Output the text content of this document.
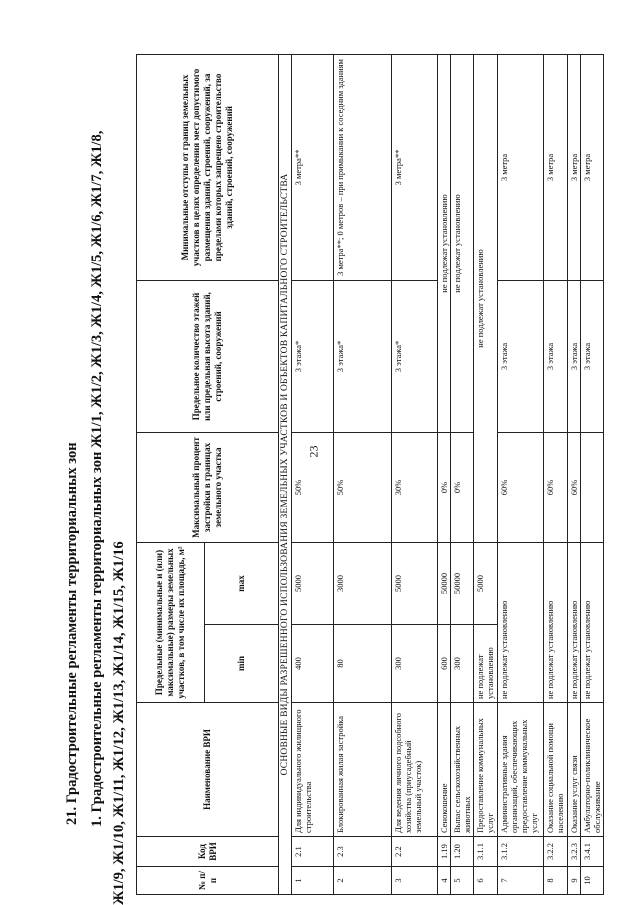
23
21. Градостроительные регламенты территориальных зон 1. Градостроительные регламенты территориальных зон Ж1/1, Ж1/2, Ж1/3, Ж1/4, Ж1/5, Ж1/6, Ж1/7, Ж1/8, Ж1/9, Ж1/10, Ж1/11, Ж1/12, Ж1/13, Ж1/14, Ж1/15, Ж1/16	№ п/п	Код ВРИ	Наименование ВРИ	Предельные (минимальные и (или) максимальные) размеры земельных участков, в том числе их площадь, м²		Максимальный процент застройки в границах земельного участка	Предельное количество этажей или предельная высота зданий, строений, сооружений	Минимальные отступы от границ земельных участков в целях определения мест допустимого размещения зданий, строений, сооружений, за пределами которых запрещено строительство зданий, строений, сооружений
			min	max			
ОСНОВНЫЕ ВИДЫ РАЗРЕШЕННОГО ИСПОЛЬЗОВАНИЯ ЗЕМЕЛЬНЫХ УЧАСТКОВ И ОБЪЕКТОВ КАПИТАЛЬНОГО СТРОИТЕЛЬСТВА							
1	2.1	Для индивидуального жилищного строительства	400	5000	50%	3 этажа*	3 метра**
2	2.3	Блокированная жилая застройка	80	3000	50%	3 этажа*	3 метра**; 0 метров – при примыкании к соседним зданиям
3	2.2	Для ведения личного подсобного хозяйства (приусадебный земельный участок)	300	5000	30%	3 этажа*	3 метра**
4	1.19	Сенокошение	600	50000	0%	не подлежат установлению	
5	1.20	Выпас сельскохозяйственных животных	300	50000	0%	не подлежат установлению	
6	3.1.1	Предоставление коммунальных услуг	не подлежат установлению	5000	не подлежат установлению		
7	3.1.2	Административные здания организаций, обеспечивающих предоставление коммунальных услуг	не подлежат установлению		60%	3 этажа	3 метра
8	3.2.2	Оказание социальной помощи населению	не подлежат установлению		60%	3 этажа	3 метра
9	3.2.3	Оказание услуг связи	не подлежат установлению		60%	3 этажа	3 метра
10	3.4.1	Амбулаторно-поликлиническое обслуживание	не подлежат установлению			3 этажа	3 метра
